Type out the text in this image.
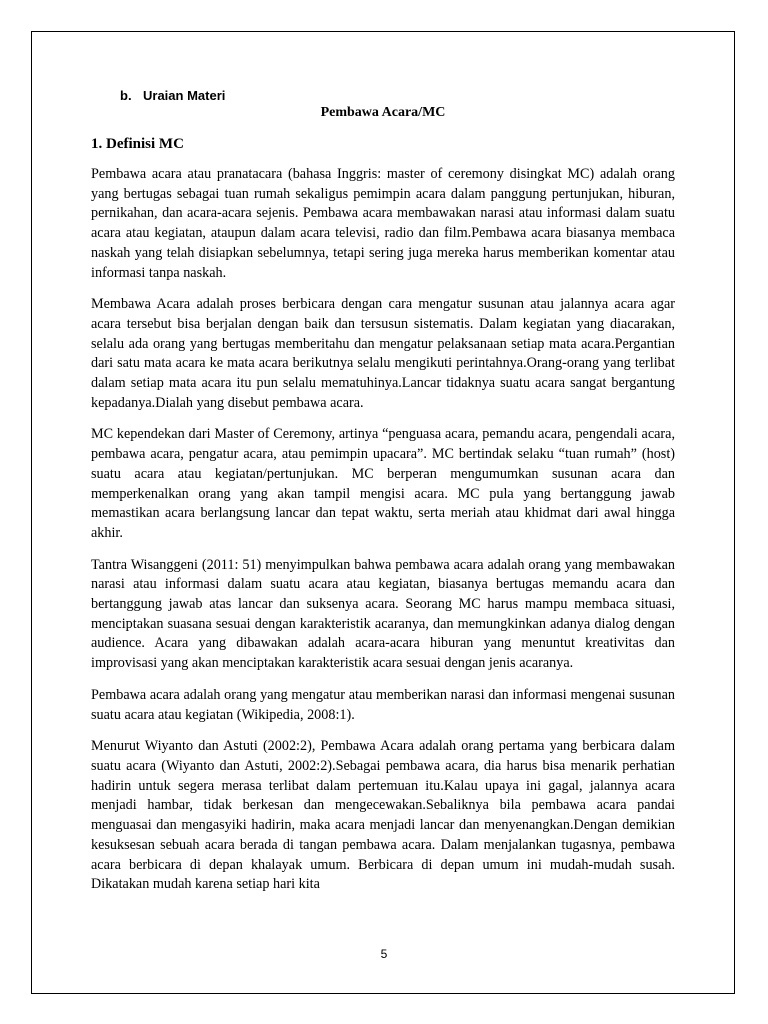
b. Uraian Materi

Pembawa Acara/MC

1. Definisi MC

Pembawa acara atau pranatacara (bahasa Inggris: master of ceremony disingkat MC) adalah orang yang bertugas sebagai tuan rumah sekaligus pemimpin acara dalam panggung pertunjukan, hiburan, pernikahan, dan acara-acara sejenis. Pembawa acara membawakan narasi atau informasi dalam suatu acara atau kegiatan, ataupun dalam acara televisi, radio dan film.Pembawa acara biasanya membaca naskah yang telah disiapkan sebelumnya, tetapi sering juga mereka harus memberikan komentar atau informasi tanpa naskah.

Membawa Acara adalah proses berbicara dengan cara mengatur susunan atau jalannya acara agar acara tersebut bisa berjalan dengan baik dan tersusun sistematis. Dalam kegiatan yang diacarakan, selalu ada orang yang bertugas memberitahu dan mengatur pelaksanaan setiap mata acara.Pergantian dari satu mata acara ke mata acara berikutnya selalu mengikuti perintahnya.Orang-orang yang terlibat dalam setiap mata acara itu pun selalu mematuhinya.Lancar tidaknya suatu acara sangat bergantung kepadanya.Dialah yang disebut pembawa acara.

MC kependekan dari Master of Ceremony, artinya “penguasa acara, pemandu acara, pengendali acara, pembawa acara, pengatur acara, atau pemimpin upacara”. MC bertindak selaku “tuan rumah” (host) suatu acara atau kegiatan/pertunjukan. MC berperan mengumumkan susunan acara dan memperkenalkan orang yang akan tampil mengisi acara. MC pula yang bertanggung jawab memastikan acara berlangsung lancar dan tepat waktu, serta meriah atau khidmat dari awal hingga akhir.

Tantra Wisanggeni (2011: 51) menyimpulkan bahwa pembawa acara adalah orang yang membawakan narasi atau informasi dalam suatu acara atau kegiatan, biasanya bertugas memandu acara dan bertanggung jawab atas lancar dan suksenya acara. Seorang MC harus mampu membaca situasi, menciptakan suasana sesuai dengan karakteristik acaranya, dan memungkinkan adanya dialog dengan audience. Acara yang dibawakan adalah acara-acara hiburan yang menuntut kreativitas dan improvisasi yang akan menciptakan karakteristik acara sesuai dengan jenis acaranya.

Pembawa acara adalah orang yang mengatur atau memberikan narasi dan informasi mengenai susunan suatu acara atau kegiatan (Wikipedia, 2008:1).

Menurut Wiyanto dan Astuti (2002:2), Pembawa Acara adalah orang pertama yang berbicara dalam suatu acara (Wiyanto dan Astuti, 2002:2).Sebagai pembawa acara, dia harus bisa menarik perhatian hadirin untuk segera merasa terlibat dalam pertemuan itu.Kalau upaya ini gagal, jalannya acara menjadi hambar, tidak berkesan dan mengecewakan.Sebaliknya bila pembawa acara pandai menguasai dan mengasyiki hadirin, maka acara menjadi lancar dan menyenangkan.Dengan demikian kesuksesan sebuah acara berada di tangan pembawa acara. Dalam menjalankan tugasnya, pembawa acara berbicara di depan khalayak umum. Berbicara di depan umum ini mudah-mudah susah. Dikatakan mudah karena setiap hari kita

5
